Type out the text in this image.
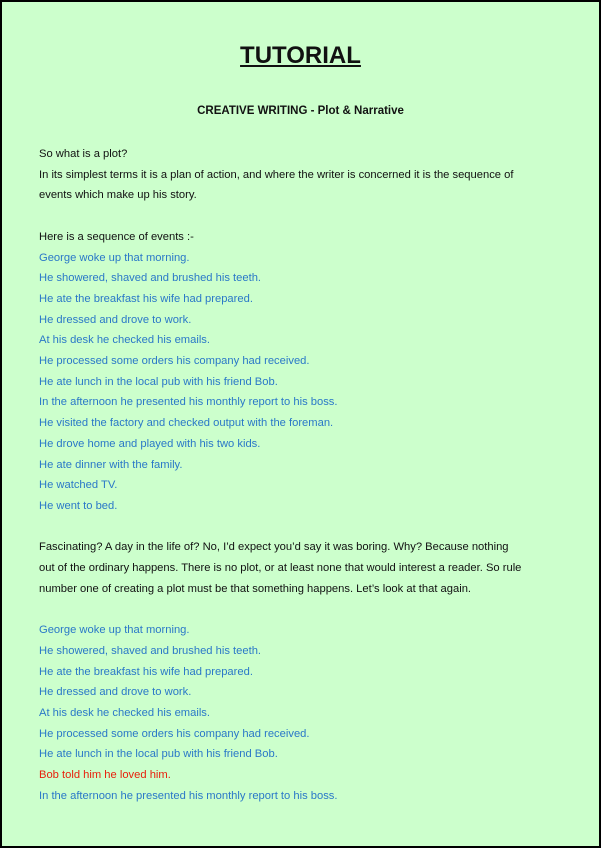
TUTORIAL
CREATIVE WRITING - Plot & Narrative
So what is a plot?
In its simplest terms it is a plan of action, and where the writer is concerned it is the sequence of
events which make up his story.
Here is a sequence of events :-
George woke up that morning.
He showered, shaved and brushed his teeth.
He ate the breakfast his wife had prepared.
He dressed and drove to work.
At his desk he checked his emails.
He processed some orders his company had received.
He ate lunch in the local pub with his friend Bob.
In the afternoon he presented his monthly report to his boss.
He visited the factory and checked output with the foreman.
He drove home and played with his two kids.
He ate dinner with the family.
He watched TV.
He went to bed.
Fascinating? A day in the life of? No, I’d expect you’d say it was boring. Why? Because nothing
out of the ordinary happens. There is no plot, or at least none that would interest a reader. So rule
number one of creating a plot must be that something happens. Let’s look at that again.
George woke up that morning.
He showered, shaved and brushed his teeth.
He ate the breakfast his wife had prepared.
He dressed and drove to work.
At his desk he checked his emails.
He processed some orders his company had received.
He ate lunch in the local pub with his friend Bob.
Bob told him he loved him.
In the afternoon he presented his monthly report to his boss.
